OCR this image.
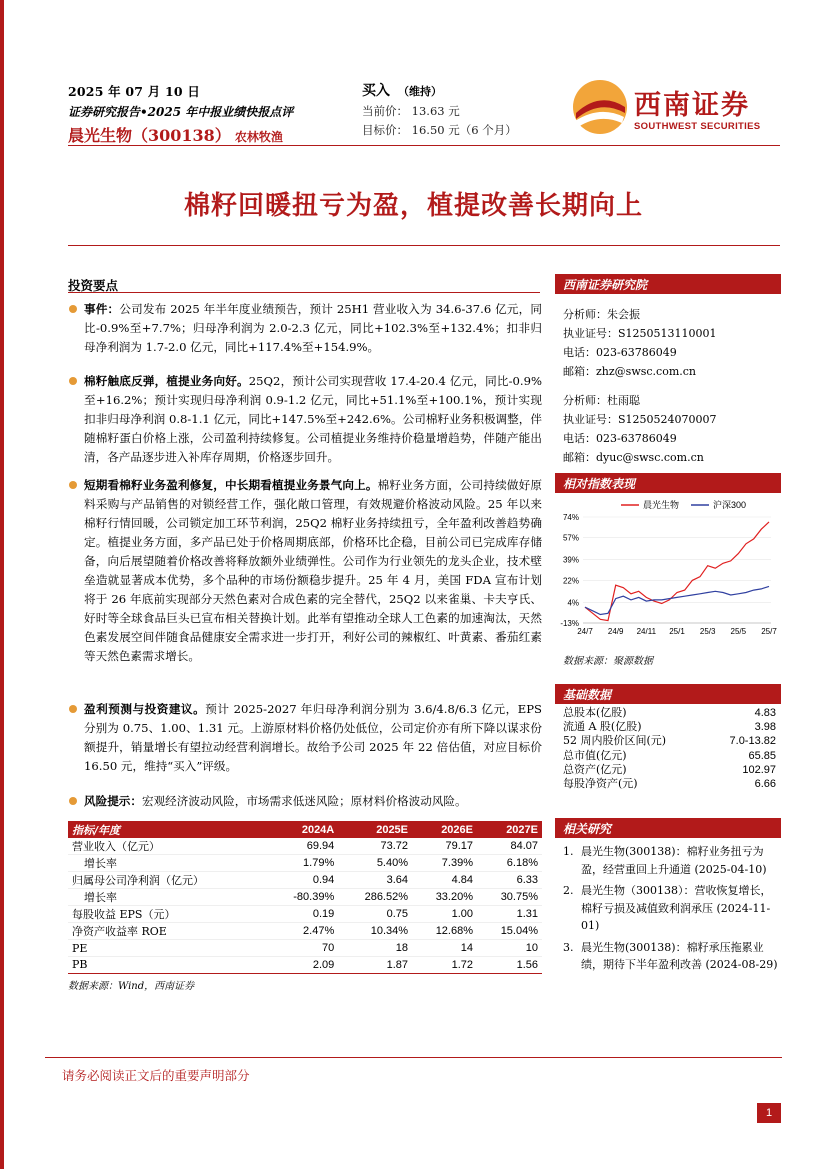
2025 年 07 月 10 日
证券研究报告•2025 年中报业绩快报点评
晨光生物（300138） 农林牧渔
买入 （维持）
当前价： 13.63 元
目标价： 16.50 元（6 个月）
西南证券
SOUTHWEST SECURITIES
棉籽回暖扭亏为盈，植提改善长期向上
投资要点
事件：公司发布 2025 年半年度业绩预告，预计 25H1 营业收入为 34.6-37.6 亿元，同比-0.9%至+7.7%；归母净利润为 2.0-2.3 亿元，同比+102.3%至+132.4%；扣非归母净利润为 1.7-2.0 亿元，同比+117.4%至+154.9%。
棉籽触底反弹，植提业务向好。25Q2，预计公司实现营收 17.4-20.4 亿元，同比-0.9%至+16.2%；预计实现归母净利润 0.9-1.2 亿元，同比+51.1%至+100.1%，预计实现扣非归母净利润 0.8-1.1 亿元，同比+147.5%至+242.6%。公司棉籽业务积极调整，伴随棉籽蛋白价格上涨，公司盈利持续修复。公司植提业务维持价稳量增趋势，伴随产能出清，各产品逐步进入补库存周期，价格逐步回升。
短期看棉籽业务盈利修复，中长期看植提业务景气向上。棉籽业务方面，公司持续做好原料采购与产品销售的对锁经营工作，强化敞口管理，有效规避价格波动风险。25 年以来棉籽行情回暖，公司锁定加工环节利润，25Q2 棉籽业务持续扭亏，全年盈利改善趋势确定。植提业务方面，多产品已处于价格周期底部，价格环比企稳，目前公司已完成库存储备，向后展望随着价格改善将释放额外业绩弹性。公司作为行业领先的龙头企业，技术壁垒造就显著成本优势，多个品种的市场份额稳步提升。25 年 4 月，美国 FDA 宣布计划将于 26 年底前实现部分天然色素对合成色素的完全替代，25Q2 以来雀巢、卡夫亨氏、好时等全球食品巨头已宣布相关替换计划。此举有望推动全球人工色素的加速淘汰，天然色素发展空间伴随食品健康安全需求进一步打开，利好公司的辣椒红、叶黄素、番茄红素等天然色素需求增长。
盈利预测与投资建议。预计 2025-2027 年归母净利润分别为 3.6/4.8/6.3 亿元，EPS 分别为 0.75、1.00、1.31 元。上游原材料价格仍处低位，公司定价亦有所下降以谋求份额提升，销量增长有望拉动经营利润增长。故给予公司 2025 年 22 倍估值，对应目标价 16.50 元，维持“买入”评级。
风险提示：宏观经济波动风险，市场需求低迷风险；原材料价格波动风险。
指标/年度	2024A	2025E	2026E	2027E
营业收入（亿元）	69.94	73.72	79.17	84.07
增长率	1.79%	5.40%	7.39%	6.18%
归属母公司净利润（亿元）	0.94	3.64	4.84	6.33
增长率	-80.39%	286.52%	33.20%	30.75%
每股收益 EPS（元）	0.19	0.75	1.00	1.31
净资产收益率 ROE	2.47%	10.34%	12.68%	15.04%
PE	70	18	14	10
PB	2.09	1.87	1.72	1.56
数据来源：Wind，西南证券
西南证券研究院
分析师：朱会振
执业证号：S1250513110001
电话：023-63786049
邮箱：zhz@swsc.com.cn
分析师：杜雨聪
执业证号：S1250524070007
电话：023-63786049
邮箱：dyuc@swsc.com.cn
相对指数表现
74%
57%
39%
22%
4%
-13%
24/7 24/9 24/11 25/1 25/3 25/5 25/7
晨光生物	沪深300
数据来源：聚源数据
基础数据
总股本(亿股)	4.83
流通 A 股(亿股)	3.98
52 周内股价区间(元)	7.0-13.82
总市值(亿元)	65.85
总资产(亿元)	102.97
每股净资产(元)	6.66
相关研究
1. 晨光生物(300138)：棉籽业务扭亏为盈，经营重回上升通道 (2025-04-10)
2. 晨光生物（300138）：营收恢复增长，棉籽亏损及减值致利润承压 (2024-11-01)
3. 晨光生物(300138)：棉籽承压拖累业绩，期待下半年盈利改善 (2024-08-29)
请务必阅读正文后的重要声明部分
1
